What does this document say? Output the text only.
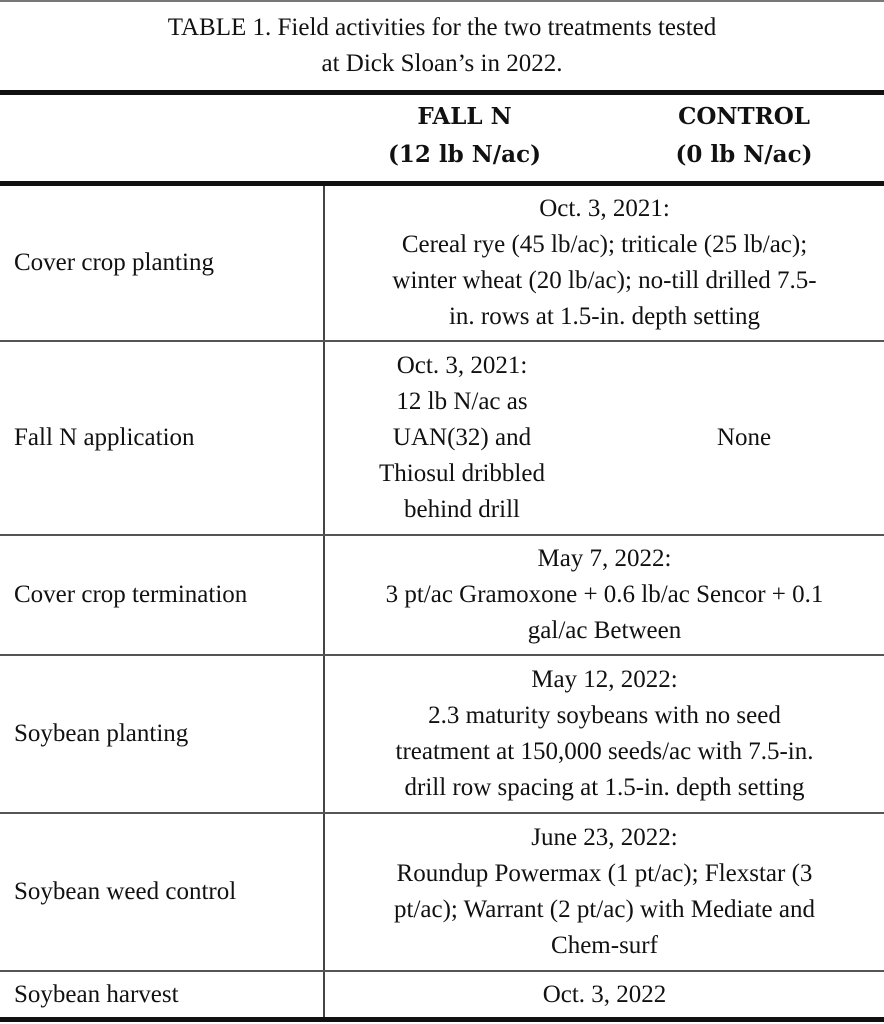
TABLE 1. Field activities for the two treatments tested
at Dick Sloan’s in 2022.
FALL N
(12 lb N/ac)
CONTROL
(0 lb N/ac)
Cover crop planting
Oct. 3, 2021:
Cereal rye (45 lb/ac); triticale (25 lb/ac);
winter wheat (20 lb/ac); no-till drilled 7.5-
in. rows at 1.5-in. depth setting
Fall N application
Oct. 3, 2021:
12 lb N/ac as
UAN(32) and
Thiosul dribbled
behind drill
None
Cover crop termination
May 7, 2022:
3 pt/ac Gramoxone + 0.6 lb/ac Sencor + 0.1
gal/ac Between
Soybean planting
May 12, 2022:
2.3 maturity soybeans with no seed
treatment at 150,000 seeds/ac with 7.5-in.
drill row spacing at 1.5-in. depth setting
Soybean weed control
June 23, 2022:
Roundup Powermax (1 pt/ac); Flexstar (3
pt/ac); Warrant (2 pt/ac) with Mediate and
Chem-surf
Soybean harvest	Oct. 3, 2022
